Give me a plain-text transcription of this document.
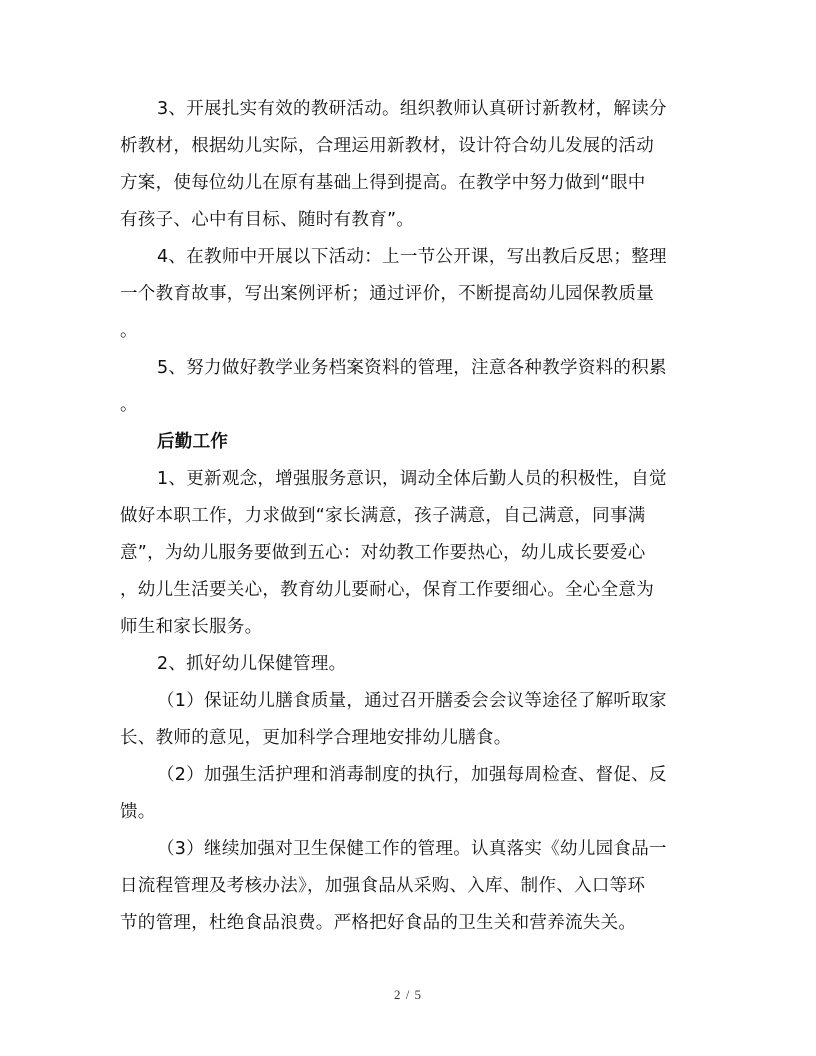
3、开展扎实有效的教研活动。组织教师认真研讨新教材，解读分
析教材，根据幼儿实际，合理运用新教材，设计符合幼儿发展的活动
方案，使每位幼儿在原有基础上得到提高。在教学中努力做到“眼中
有孩子、心中有目标、随时有教育”。
4、在教师中开展以下活动：上一节公开课，写出教后反思；整理
一个教育故事，写出案例评析；通过评价，不断提高幼儿园保教质量
。
5、努力做好教学业务档案资料的管理，注意各种教学资料的积累
。
后勤工作
1、更新观念，增强服务意识，调动全体后勤人员的积极性，自觉
做好本职工作，力求做到“家长满意，孩子满意，自己满意，同事满
意”，为幼儿服务要做到五心：对幼教工作要热心，幼儿成长要爱心
，幼儿生活要关心，教育幼儿要耐心，保育工作要细心。全心全意为
师生和家长服务。
2、抓好幼儿保健管理。
（1）保证幼儿膳食质量，通过召开膳委会会议等途径了解听取家
长、教师的意见，更加科学合理地安排幼儿膳食。
（2）加强生活护理和消毒制度的执行，加强每周检查、督促、反
馈。
（3）继续加强对卫生保健工作的管理。认真落实《幼儿园食品一
日流程管理及考核办法》，加强食品从采购、入库、制作、入口等环
节的管理，杜绝食品浪费。严格把好食品的卫生关和营养流失关。
2 / 5
